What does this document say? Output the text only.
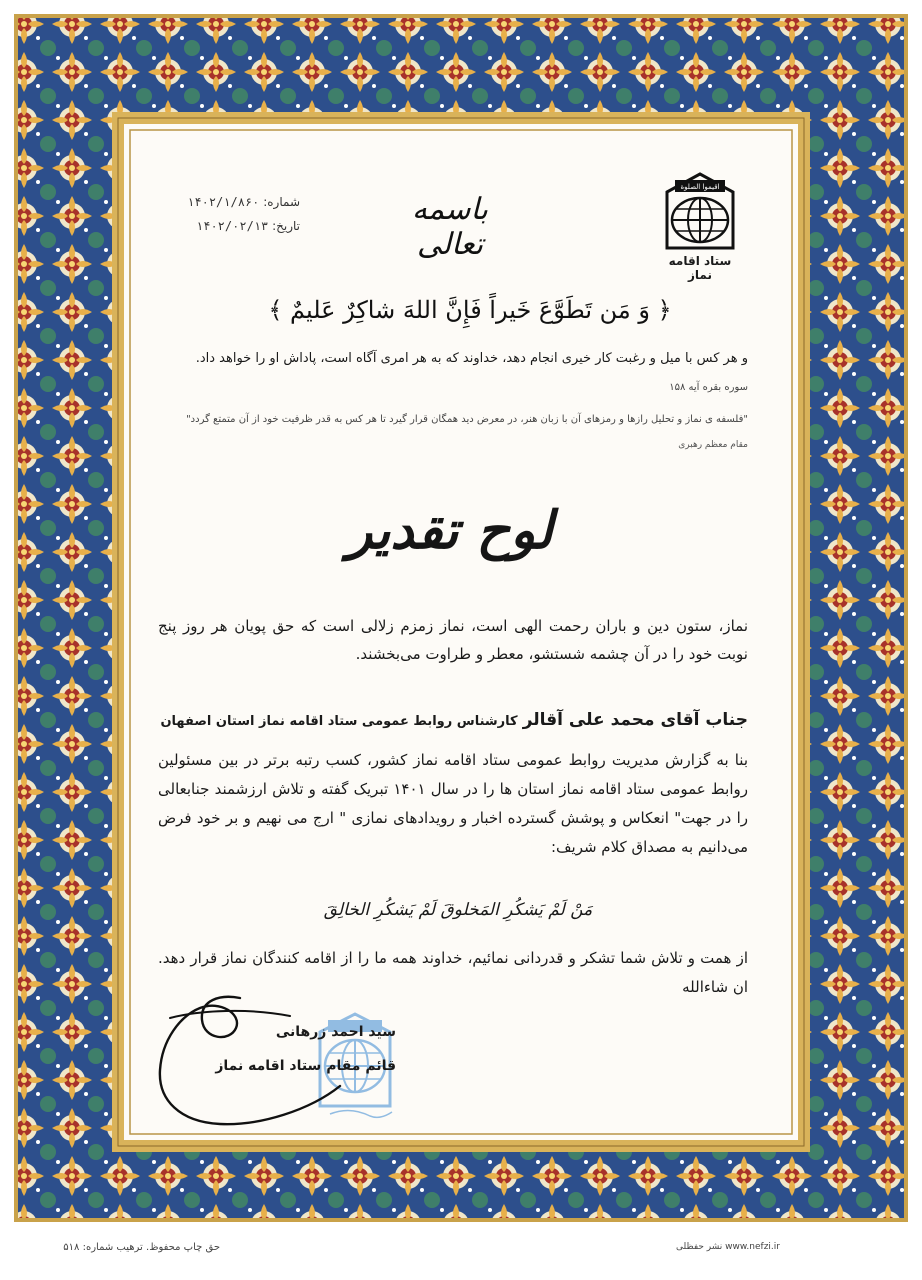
باسمه تعالی
شماره: ۱۴۰۲/۱/۸۶۰
تاریخ: ۱۴۰۲/۰۲/۱۳
اقیموا الصلوة
ستاد اقامه نماز
﴿ وَ مَن تَطَوَّعَ خَیراً فَإِنَّ اللهَ شاکِرٌ عَلیمٌ ﴾
و هر کس با میل و رغبت کار خیری انجام دهد، خداوند که به هر امری آگاه است، پاداش او را خواهد داد.
سوره بقره آیه ۱۵۸
"فلسفه ی نماز و تحلیل رازها و رمزهای آن با زبان هنر، در معرض دید همگان قرار گیرد تا هر کس به قدر ظرفیت خود از آن متمتع گردد"
مقام معظم رهبری
لوح تقدیر
نماز، ستون دین و باران رحمت الهی است، نماز زمزم زلالی است که حق پویان هر روز پنج نوبت خود را در آن چشمه شستشو، معطر و طراوت می‌بخشند.
جناب آقای محمد علی آقالر کارشناس روابط عمومی ستاد اقامه نماز استان اصفهان
بنا به گزارش مدیریت روابط عمومی ستاد اقامه نماز کشور، کسب رتبه برتر در بین مسئولین روابط عمومی ستاد اقامه نماز استان ها را در سال ۱۴۰۱ تبریک گفته و تلاش ارزشمند جنابعالی را در جهت" انعکاس و پوشش گسترده اخبار و رویدادهای نمازی " ارج می نهیم و بر خود فرض می‌دانیم به مصداق کلام شریف:
مَنْ لَمْ یَشکُرِ المَخلوقَ لَمْ یَشکُرِ الخالِقَ
از همت و تلاش شما تشکر و قدردانی نمائیم، خداوند همه ما را از اقامه کنندگان نماز قرار دهد. ان شاءالله
سید احمد زرهانی
قائم مقام ستاد اقامه نماز
حق چاپ محفوظ. ترهیب شماره: ۵۱۸	www.nefzi.ir نشر حفظلی
